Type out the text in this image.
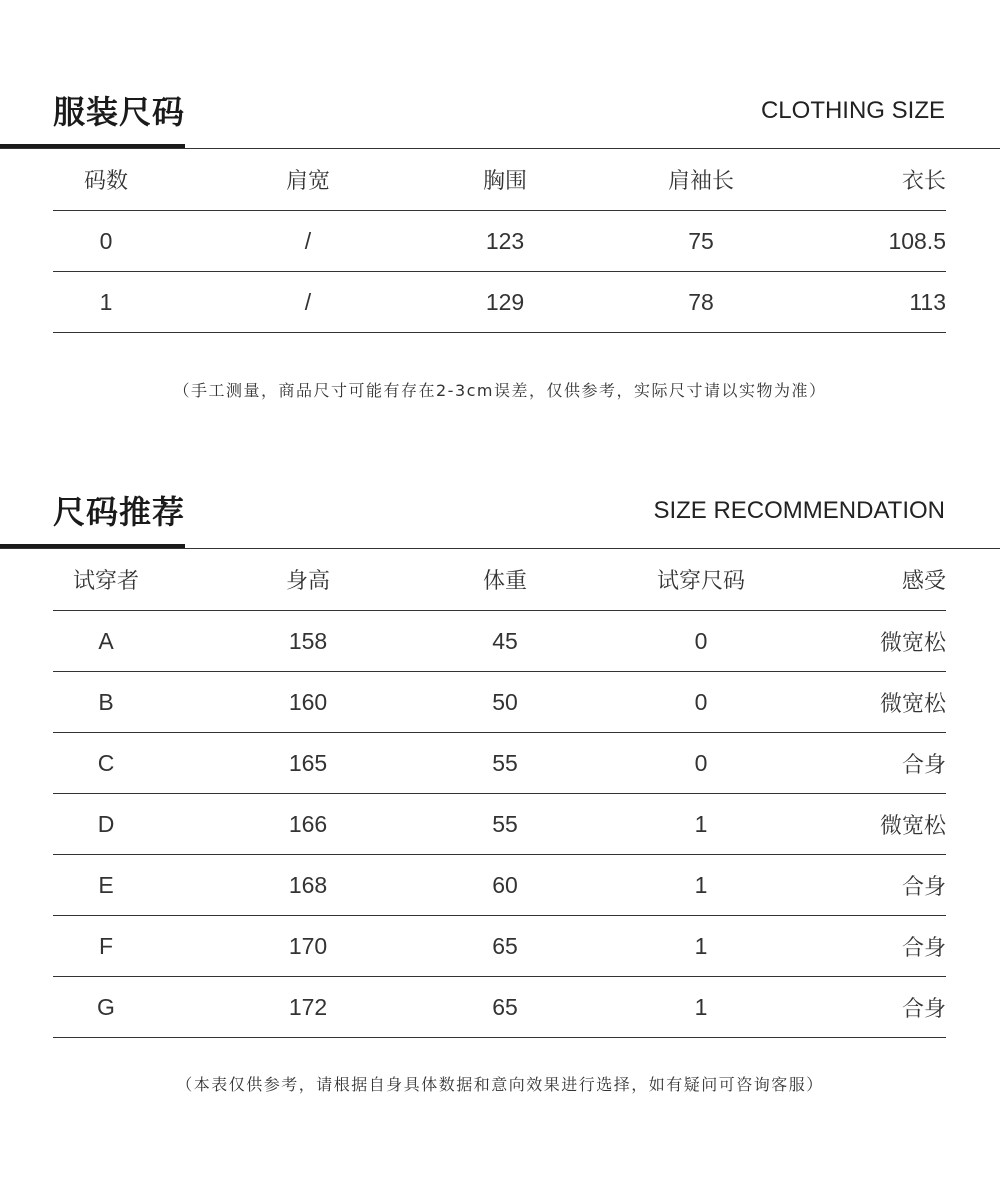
服装尺码	CLOTHING SIZE

码数	肩宽	胸围	肩袖长	衣长
0	/	123	75	108.5
1	/	129	78	113

（手工测量，商品尺寸可能有存在2-3cm误差，仅供参考，实际尺寸请以实物为准）

尺码推荐	SIZE RECOMMENDATION

试穿者	身高	体重	试穿尺码	感受
A	158	45	0	微宽松
B	160	50	0	微宽松
C	165	55	0	合身
D	166	55	1	微宽松
E	168	60	1	合身
F	170	65	1	合身
G	172	65	1	合身

（本表仅供参考，请根据自身具体数据和意向效果进行选择，如有疑问可咨询客服）
